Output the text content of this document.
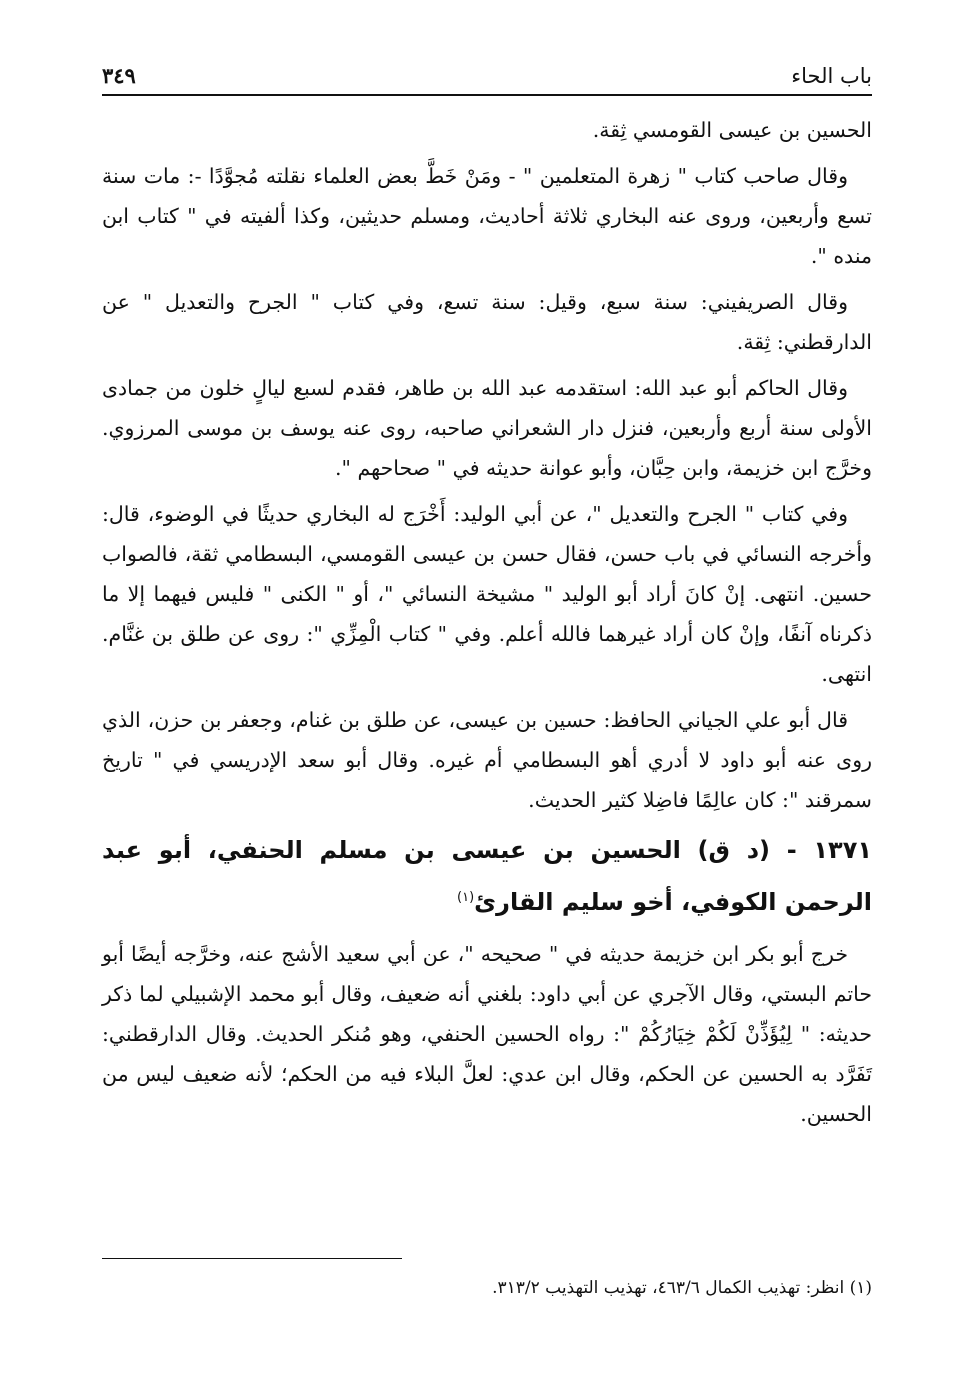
باب الحاء
٣٤٩

الحسين بن عيسى القومسي ثِقة.

وقال صاحب كتاب " زهرة المتعلمين " - ومَنْ خَطَّ بعض العلماء نقلته مُجوَّدًا -: مات سنة تسع وأربعين، وروى عنه البخاري ثلاثة أحاديث، ومسلم حديثين، وكذا ألفيته في " كتاب ابن منده ".

وقال الصريفيني: سنة سبع، وقيل: سنة تسع، وفي كتاب " الجرح والتعديل " عن الدارقطني: ثِقة.

وقال الحاكم أبو عبد الله: استقدمه عبد الله بن طاهر، فقدم لسبع ليالٍ خلون من جمادى الأولى سنة أربع وأربعين، فنزل دار الشعراني صاحبه، روى عنه يوسف بن موسى المرزوي. وخرَّج ابن خزيمة، وابن حِبَّان، وأبو عوانة حديثه في " صحاحهم ".

وفي كتاب " الجرح والتعديل "، عن أبي الوليد: أَخْرَج له البخاري حديثًا في الوضوء، قال: وأخرجه النسائي في باب حسن، فقال حسن بن عيسى القومسي، البسطامي ثقة، فالصواب حسين. انتهى. إنْ كانَ أراد أبو الوليد " مشيخة النسائي "، أو " الكنى " فليس فيهما إلا ما ذكرناه آنفًا، وإنْ كان أراد غيرهما فالله أعلم. وفي " كتاب الْمِزِّي ": روى عن طلق بن غنَّام. انتهى.

قال أبو علي الجياني الحافظ: حسين بن عيسى، عن طلق بن غنام، وجعفر بن حزن، الذي روى عنه أبو داود لا أدري أهو البسطامي أم غيره. وقال أبو سعد الإدريسي في " تاريخ سمرقند ": كان عالِمًا فاضِلا كثير الحديث.

١٣٧١ - (د ق) الحسين بن عيسى بن مسلم الحنفي، أبو عبد الرحمن الكوفي، أخو سليم القارئ$^{(١)}$

خرج أبو بكر ابن خزيمة حديثه في " صحيحه "، عن أبي سعيد الأشج عنه، وخرَّجه أيضًا أبو حاتم البستي، وقال الآجري عن أبي داود: بلغني أنه ضعيف، وقال أبو محمد الإشبيلي لما ذكر حديثه: " لِيُؤَذِّنْ لَكُمْ خِيَارُكُمْ ": رواه الحسين الحنفي، وهو مُنكر الحديث. وقال الدارقطني: تَفَرَّد به الحسين عن الحكم، وقال ابن عدي: لعلَّ البلاء فيه من الحكم؛ لأنه ضعيف ليس من الحسين.

(١) انظر: تهذيب الكمال ٤٦٣/٦، تهذيب التهذيب ٣١٣/٢.
